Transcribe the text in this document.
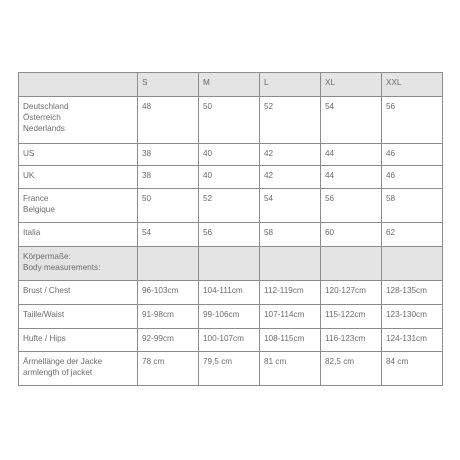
	S	M	L	XL	XXL

Deutschland
Österreich
Nederlands	48	50	52	54	56

US	38	40	42	44	46

UK	38	40	42	44	46

France
Belgique	50	52	54	56	58

Italia	54	56	58	60	62

Körpermaße:
Body measurements:					

Brust / Chest	96-103cm	104-111cm	112-119cm	120-127cm	128-135cm

Taille/Waist	91-98cm	99-106cm	107-114cm	115-122cm	123-130cm

Hufte / Hips	92-99cm	100-107cm	108-115cm	116-123cm	124-131cm

Ärmellänge der Jacke
armlength of jacket	78 cm	79,5 cm	81 cm	82,5 cm	84 cm
